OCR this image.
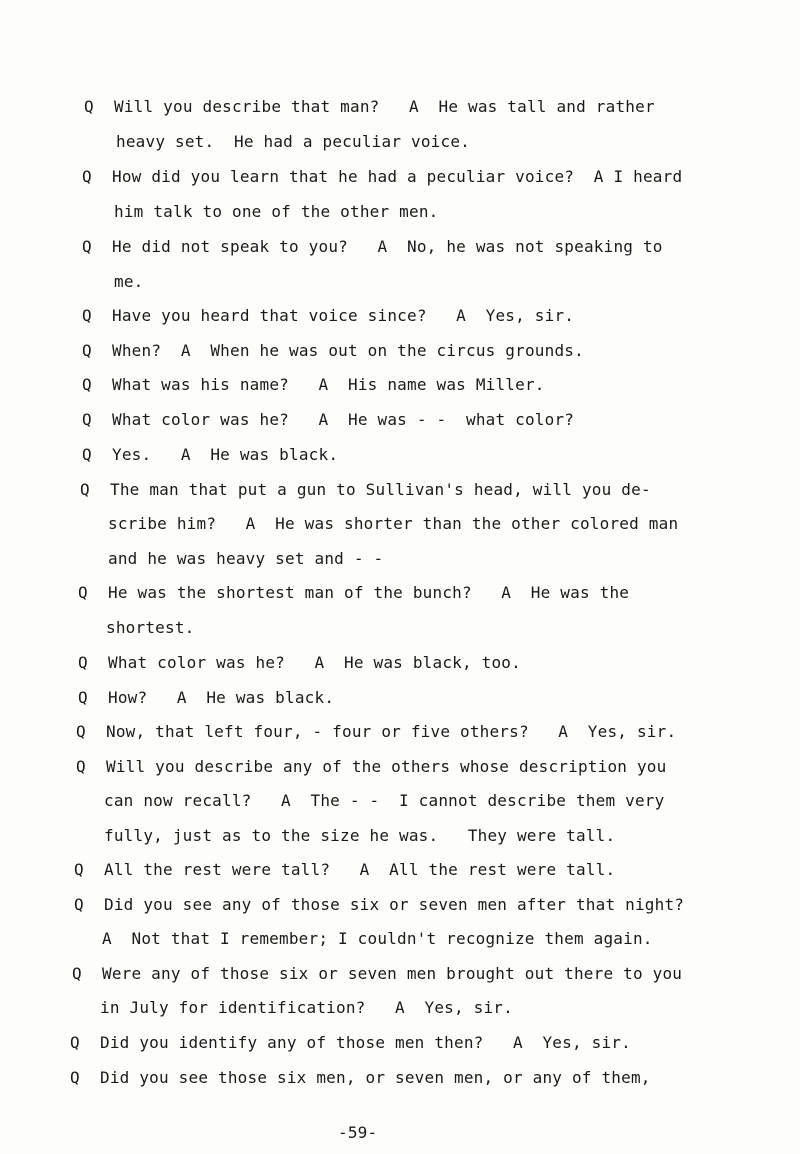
Q Will you describe that man?   A  He was tall and rather
heavy set.  He had a peculiar voice.
Q How did you learn that he had a peculiar voice?  A I heard
him talk to one of the other men.
Q He did not speak to you?   A  No, he was not speaking to
me.
Q Have you heard that voice since?   A  Yes, sir.
Q When?  A  When he was out on the circus grounds.
Q What was his name?   A  His name was Miller.
Q What color was he?   A  He was - -  what color?
Q Yes.   A  He was black.
Q The man that put a gun to Sullivan's head, will you de-
scribe him?   A  He was shorter than the other colored man
and he was heavy set and - -
Q He was the shortest man of the bunch?   A  He was the
shortest.
Q What color was he?   A  He was black, too.
Q How?   A  He was black.
Q Now, that left four, - four or five others?   A  Yes, sir.
Q Will you describe any of the others whose description you
can now recall?   A  The - -  I cannot describe them very
fully, just as to the size he was.   They were tall.
Q All the rest were tall?   A  All the rest were tall.
Q Did you see any of those six or seven men after that night?
A  Not that I remember; I couldn't recognize them again.
Q Were any of those six or seven men brought out there to you
in July for identification?   A  Yes, sir.
Q Did you identify any of those men then?   A  Yes, sir.
Q Did you see those six men, or seven men, or any of them,
-59-
